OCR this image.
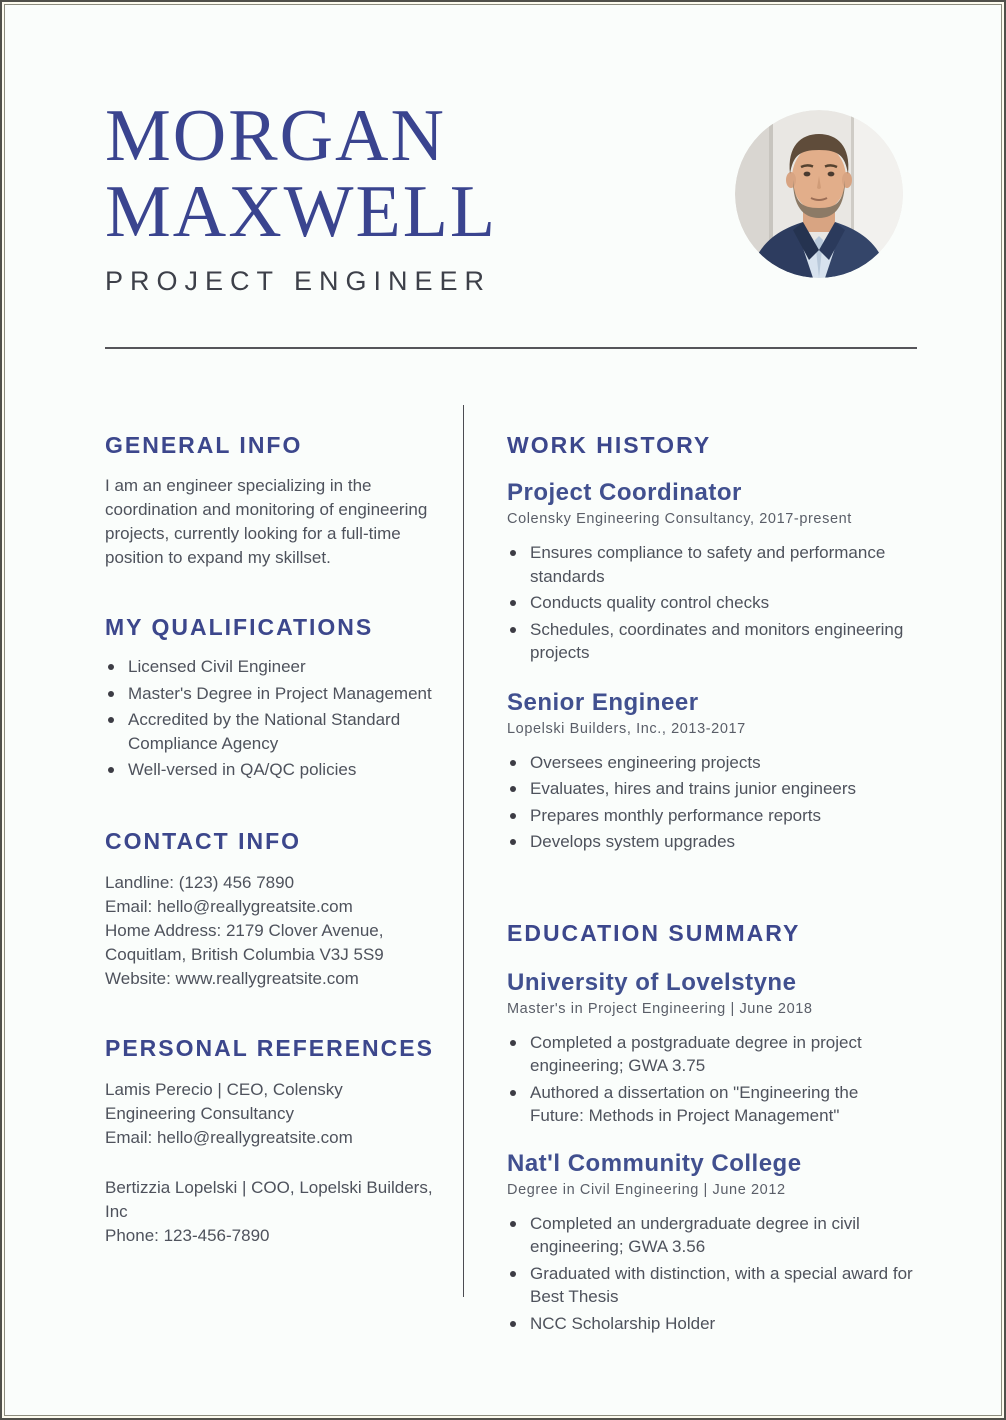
MORGAN
MAXWELL
PROJECT ENGINEER
GENERAL INFO

I am an engineer specializing in the coordination and monitoring of engineering projects, currently looking for a full-time position to expand my skillset.

MY QUALIFICATIONS
Licensed Civil Engineer
Master's Degree in Project Management
Accredited by the National Standard Compliance Agency
Well-versed in QA/QC policies
CONTACT INFO
Landline: (123) 456 7890
Email: hello@reallygreatsite.com
Home Address: 2179 Clover Avenue, Coquitlam, British Columbia V3J 5S9
Website: www.reallygreatsite.com
PERSONAL REFERENCES
Lamis Perecio | CEO, Colensky Engineering Consultancy
Email: hello@reallygreatsite.com
Bertizzia Lopelski | COO, Lopelski Builders, Inc
Phone: 123-456-7890
WORK HISTORY
Project Coordinator
Colensky Engineering Consultancy, 2017-present
Ensures compliance to safety and performance standards
Conducts quality control checks
Schedules, coordinates and monitors engineering projects
Senior Engineer
Lopelski Builders, Inc., 2013-2017
Oversees engineering projects
Evaluates, hires and trains junior engineers
Prepares monthly performance reports
Develops system upgrades
EDUCATION SUMMARY
University of Lovelstyne
Master's in Project Engineering | June 2018
Completed a postgraduate degree in project engineering; GWA 3.75
Authored a dissertation on "Engineering the Future: Methods in Project Management"
Nat'l Community College
Degree in Civil Engineering | June 2012
Completed an undergraduate degree in civil engineering; GWA 3.56
Graduated with distinction, with a special award for Best Thesis
NCC Scholarship Holder
